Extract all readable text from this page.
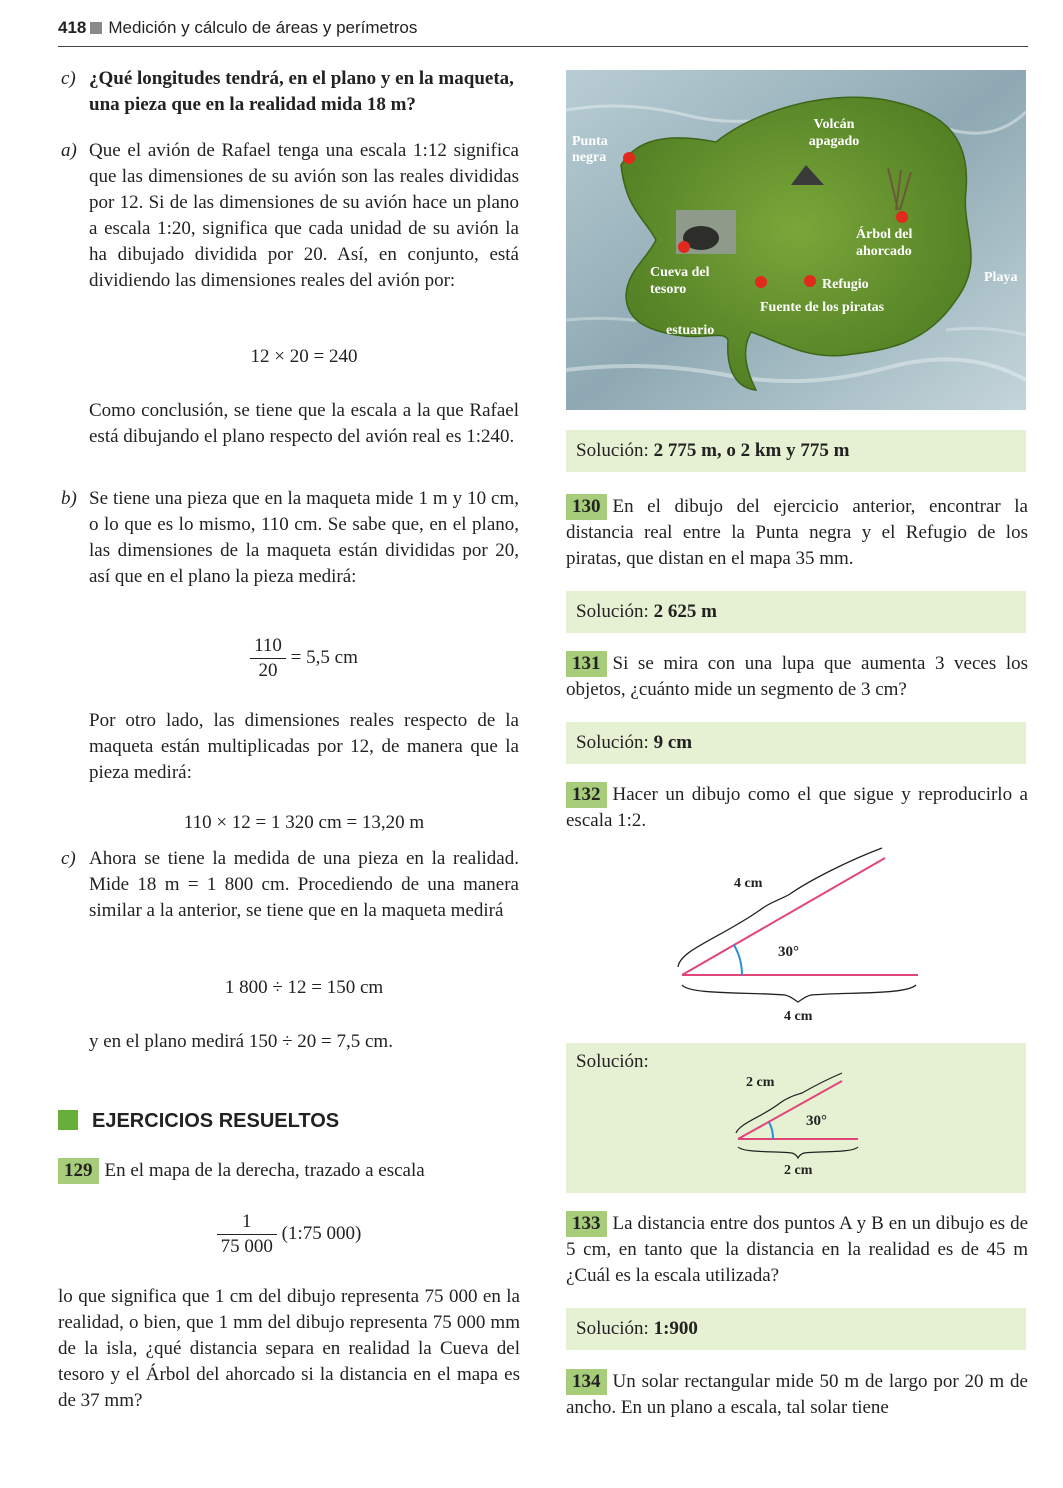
418 Medición y cálculo de áreas y perímetros

c) ¿Qué longitudes tendrá, en el plano y en la maqueta, una pieza que en la realidad mida 18 m?

a) Que el avión de Rafael tenga una escala 1:12 significa que las dimensiones de su avión son las reales divididas por 12. Si de las dimensiones de su avión hace un plano a escala 1:20, significa que cada unidad de su avión la ha dibujado dividida por 20. Así, en conjunto, está dividiendo las dimensiones reales del avión por:

12 × 20 = 240

Como conclusión, se tiene que la escala a la que Rafael está dibujando el plano respecto del avión real es 1:240.

b) Se tiene una pieza que en la maqueta mide 1 m y 10 cm, o lo que es lo mismo, 110 cm. Se sabe que, en el plano, las dimensiones de la maqueta están divididas por 20, así que en el plano la pieza medirá:

$\frac{110}{20} = 5,5$ cm

Por otro lado, las dimensiones reales respecto de la maqueta están multiplicadas por 12, de manera que la pieza medirá:

110 × 12 = 1 320 cm = 13,20 m

c) Ahora se tiene la medida de una pieza en la realidad. Mide 18 m = 1 800 cm. Procediendo de una manera similar a la anterior, se tiene que en la maqueta medirá

1 800 ÷ 12 = 150 cm

y en el plano medirá 150 ÷ 20 = 7,5 cm.

EJERCICIOS RESUELTOS

129 En el mapa de la derecha, trazado a escala

$\frac{1}{75 000}$ (1:75 000)

lo que significa que 1 cm del dibujo representa 75 000 en la realidad, o bien, que 1 mm del dibujo representa 75 000 mm de la isla, ¿qué distancia separa en realidad la Cueva del tesoro y el Árbol del ahorcado si la distancia en el mapa es de 37 mm?

Punta negra
Volcán apagado
Árbol del ahorcado
Cueva del tesoro	Refugio
Fuente de los piratas
estuario
Playa
Solución: 2 775 m, o 2 km y 775 m

130 En el dibujo del ejercicio anterior, encontrar la distancia real entre la Punta negra y el Refugio de los piratas, que distan en el mapa 35 mm.

Solución: 2 625 m

131 Si se mira con una lupa que aumenta 3 veces los objetos, ¿cuánto mide un segmento de 3 cm?

Solución: 9 cm

132 Hacer un dibujo como el que sigue y reproducirlo a escala 1:2.

4 cm
30°
4 cm
Solución:
2 cm
30°
2 cm

133 La distancia entre dos puntos A y B en un dibujo es de 5 cm, en tanto que la distancia en la realidad es de 45 m ¿Cuál es la escala utilizada?

Solución: 1:900

134 Un solar rectangular mide 50 m de largo por 20 m de ancho. En un plano a escala, tal solar tiene
